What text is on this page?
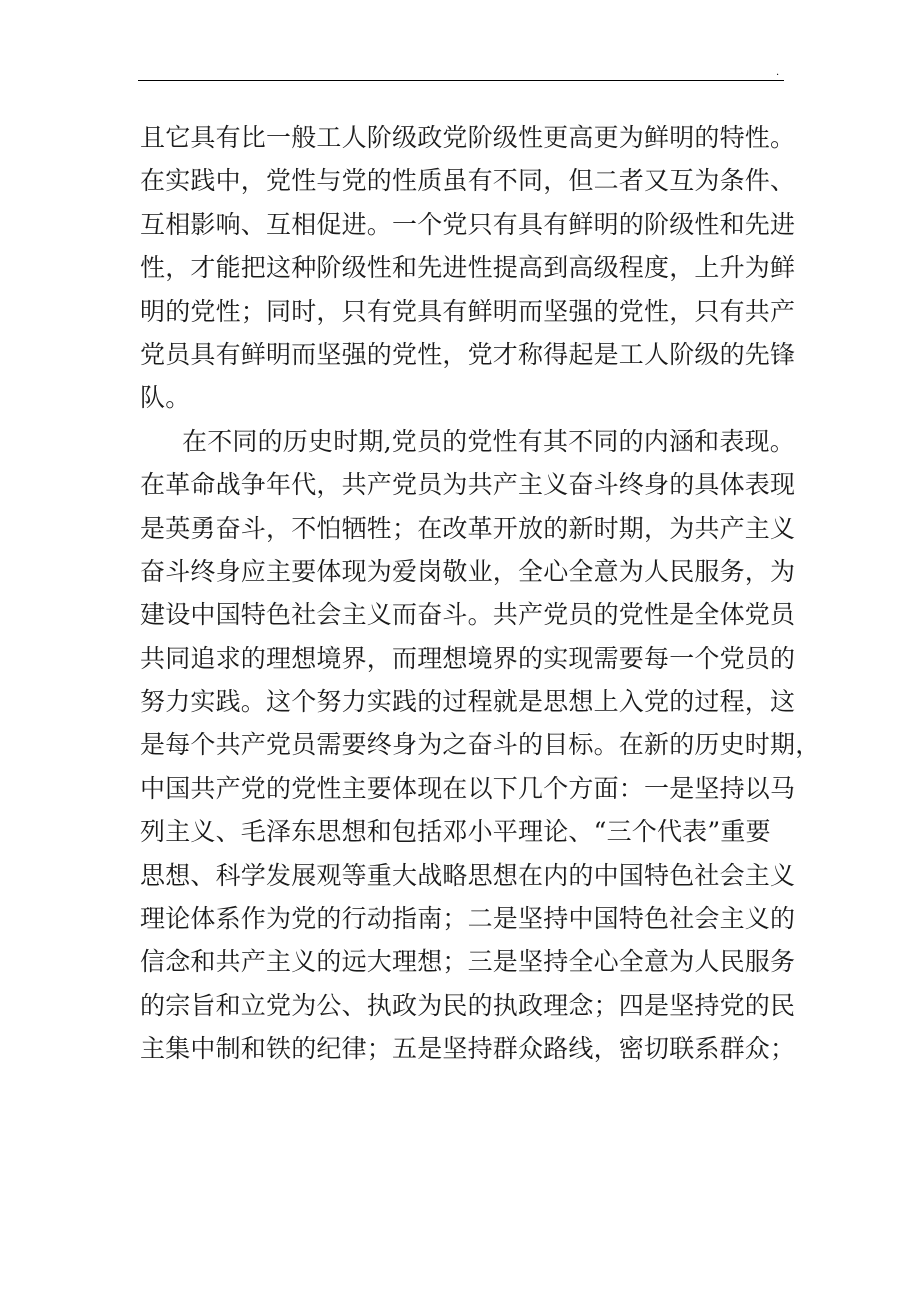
.
且它具有比一般工人阶级政党阶级性更高更为鲜明的特性。
在实践中，党性与党的性质虽有不同，但二者又互为条件、
互相影响、互相促进。一个党只有具有鲜明的阶级性和先进
性，才能把这种阶级性和先进性提高到高级程度，上升为鲜
明的党性；同时，只有党具有鲜明而坚强的党性，只有共产
党员具有鲜明而坚强的党性，党才称得起是工人阶级的先锋
队。
在不同的历史时期,党员的党性有其不同的内涵和表现。
在革命战争年代，共产党员为共产主义奋斗终身的具体表现
是英勇奋斗，不怕牺牲；在改革开放的新时期，为共产主义
奋斗终身应主要体现为爱岗敬业，全心全意为人民服务，为
建设中国特色社会主义而奋斗。共产党员的党性是全体党员
共同追求的理想境界，而理想境界的实现需要每一个党员的
努力实践。这个努力实践的过程就是思想上入党的过程，这
是每个共产党员需要终身为之奋斗的目标。在新的历史时期，
中国共产党的党性主要体现在以下几个方面：一是坚持以马
列主义、毛泽东思想和包括邓小平理论、“三个代表”重要
思想、科学发展观等重大战略思想在内的中国特色社会主义
理论体系作为党的行动指南；二是坚持中国特色社会主义的
信念和共产主义的远大理想；三是坚持全心全意为人民服务
的宗旨和立党为公、执政为民的执政理念；四是坚持党的民
主集中制和铁的纪律；五是坚持群众路线，密切联系群众；
